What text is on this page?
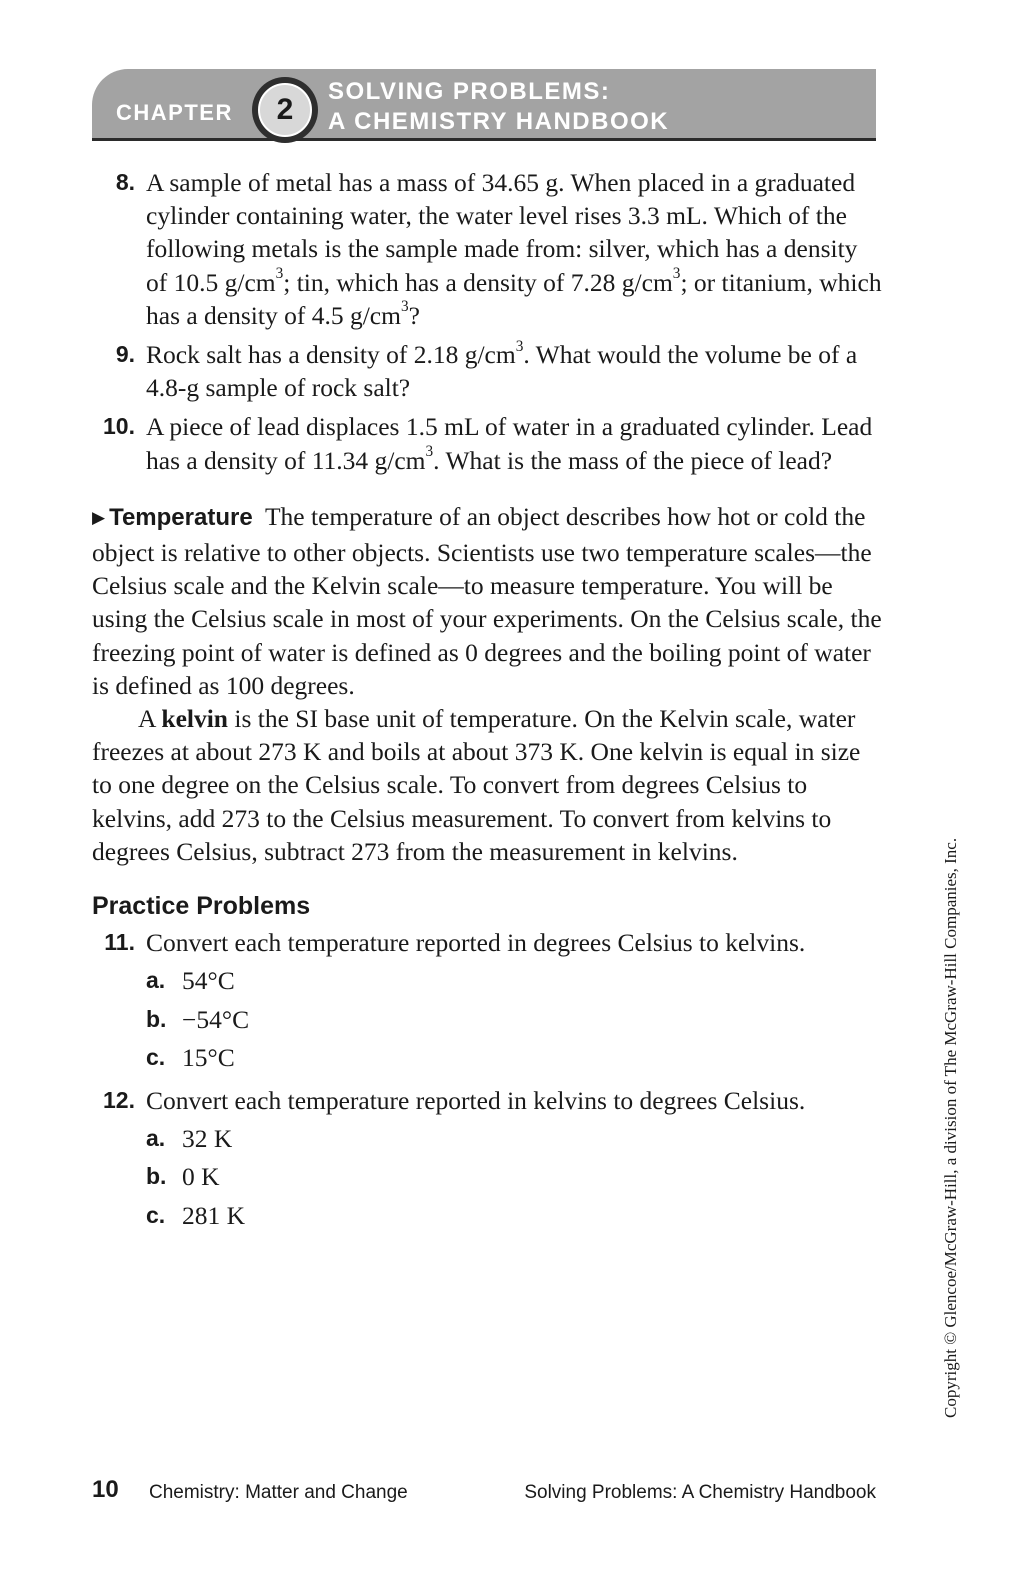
CHAPTER	2
SOLVING PROBLEMS:
A CHEMISTRY HANDBOOK
8. A sample of metal has a mass of 34.65 g. When placed in a graduated cylinder containing water, the water level rises 3.3 mL. Which of the following metals is the sample made from: silver, which has a density of 10.5 $g/cm^3$; tin, which has a density of 7.28 $g/cm^3$; or titanium, which has a density of 4.5 $g/cm^3$?
9. Rock salt has a density of 2.18 $g/cm^3$. What would the volume be of a 4.8-g sample of rock salt?
10. A piece of lead displaces 1.5 mL of water in a graduated cylinder. Lead has a density of 11.34 $g/cm^3$. What is the mass of the piece of lead?

▶ Temperature The temperature of an object describes how hot or cold the object is relative to other objects. Scientists use two temperature scales—the Celsius scale and the Kelvin scale—to measure temperature. You will be using the Celsius scale in most of your experiments. On the Celsius scale, the freezing point of water is defined as 0 degrees and the boiling point of water is defined as 100 degrees.

A kelvin is the SI base unit of temperature. On the Kelvin scale, water freezes at about 273 K and boils at about 373 K. One kelvin is equal in size to one degree on the Celsius scale. To convert from degrees Celsius to kelvins, add 273 to the Celsius measurement. To convert from kelvins to degrees Celsius, subtract 273 from the measurement in kelvins.

Practice Problems
11. Convert each temperature reported in degrees Celsius to kelvins.
a. 54°C
b. −54°C
c. 15°C
12. Convert each temperature reported in kelvins to degrees Celsius.
a. 32 K
b. 0 K
c. 281 K	Copyright © Glencoe/McGraw-Hill, a division of The McGraw-Hill Companies, Inc.
10 Chemistry: Matter and Change	Solving Problems: A Chemistry Handbook
